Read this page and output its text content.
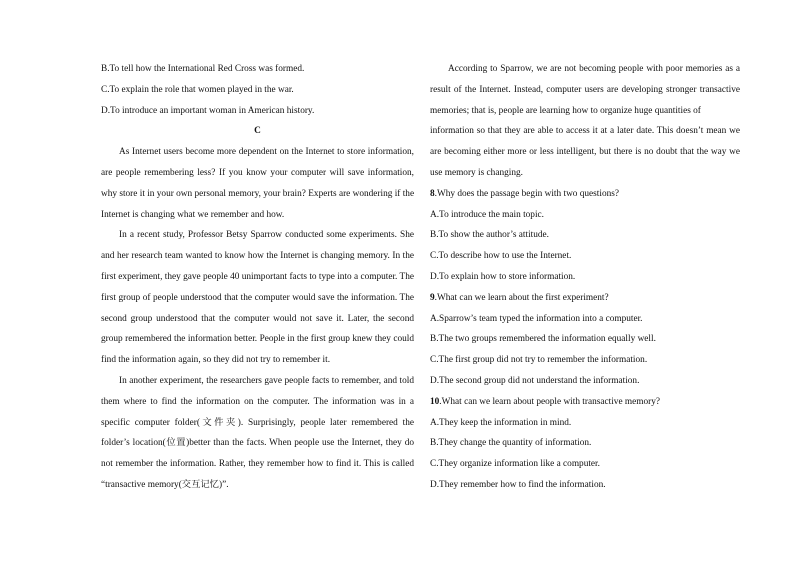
B.To tell how the International Red Cross was formed.
C.To explain the role that women played in the war.
D.To introduce an important woman in American history.
C
As Internet users become more dependent on the Internet to store information,
are people remembering less? If you know your computer will save information,
why store it in your own personal memory, your brain? Experts are wondering if the
Internet is changing what we remember and how.
In a recent study, Professor Betsy Sparrow conducted some experiments. She
and her research team wanted to know how the Internet is changing memory. In the
first experiment, they gave people 40 unimportant facts to type into a computer. The
first group of people understood that the computer would save the information. The
second group understood that the computer would not save it. Later, the second
group remembered the information better. People in the first group knew they could
find the information again, so they did not try to remember it.
In another experiment, the researchers gave people facts to remember, and told
them where to find the information on the computer. The information was in a
specific computer folder(文件夹). Surprisingly, people later remembered the
folder’s location(位置)better than the facts. When people use the Internet, they do
not remember the information. Rather, they remember how to find it. This is called
“transactive memory(交互记忆)”.
According to Sparrow, we are not becoming people with poor memories as a
result of the Internet. Instead, computer users are developing stronger transactive
memories; that is, people are learning how to organize huge quantities of
information so that they are able to access it at a later date. This doesn’t mean we
are becoming either more or less intelligent, but there is no doubt that the way we
use memory is changing.
8.Why does the passage begin with two questions?
A.To introduce the main topic.
B.To show the author’s attitude.
C.To describe how to use the Internet.
D.To explain how to store information.
9.What can we learn about the first experiment?
A.Sparrow’s team typed the information into a computer.
B.The two groups remembered the information equally well.
C.The first group did not try to remember the information.
D.The second group did not understand the information.
10.What can we learn about people with transactive memory?
A.They keep the information in mind.
B.They change the quantity of information.
C.They organize information like a computer.
D.They remember how to find the information.
